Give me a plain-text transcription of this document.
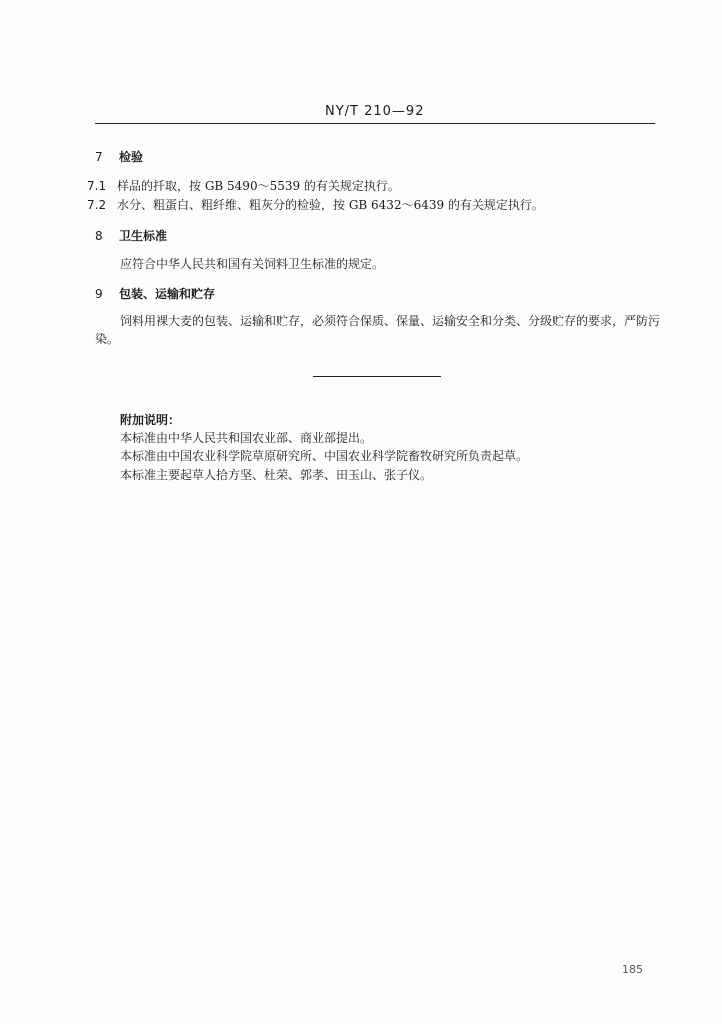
NY/T 210—92
7 检验
7.1 样品的扦取，按 GB 5490～5539 的有关规定执行。
7.2 水分、粗蛋白、粗纤维、粗灰分的检验，按 GB 6432～6439 的有关规定执行。
8 卫生标准
应符合中华人民共和国有关饲料卫生标准的规定。
9 包装、运输和贮存
饲料用裸大麦的包装、运输和贮存，必须符合保质、保量、运输安全和分类、分级贮存的要求，严防污
染。
附加说明：
本标准由中华人民共和国农业部、商业部提出。
本标准由中国农业科学院草原研究所、中国农业科学院畜牧研究所负责起草。
本标准主要起草人拾方坚、杜荣、郭孝、田玉山、张子仪。
185
